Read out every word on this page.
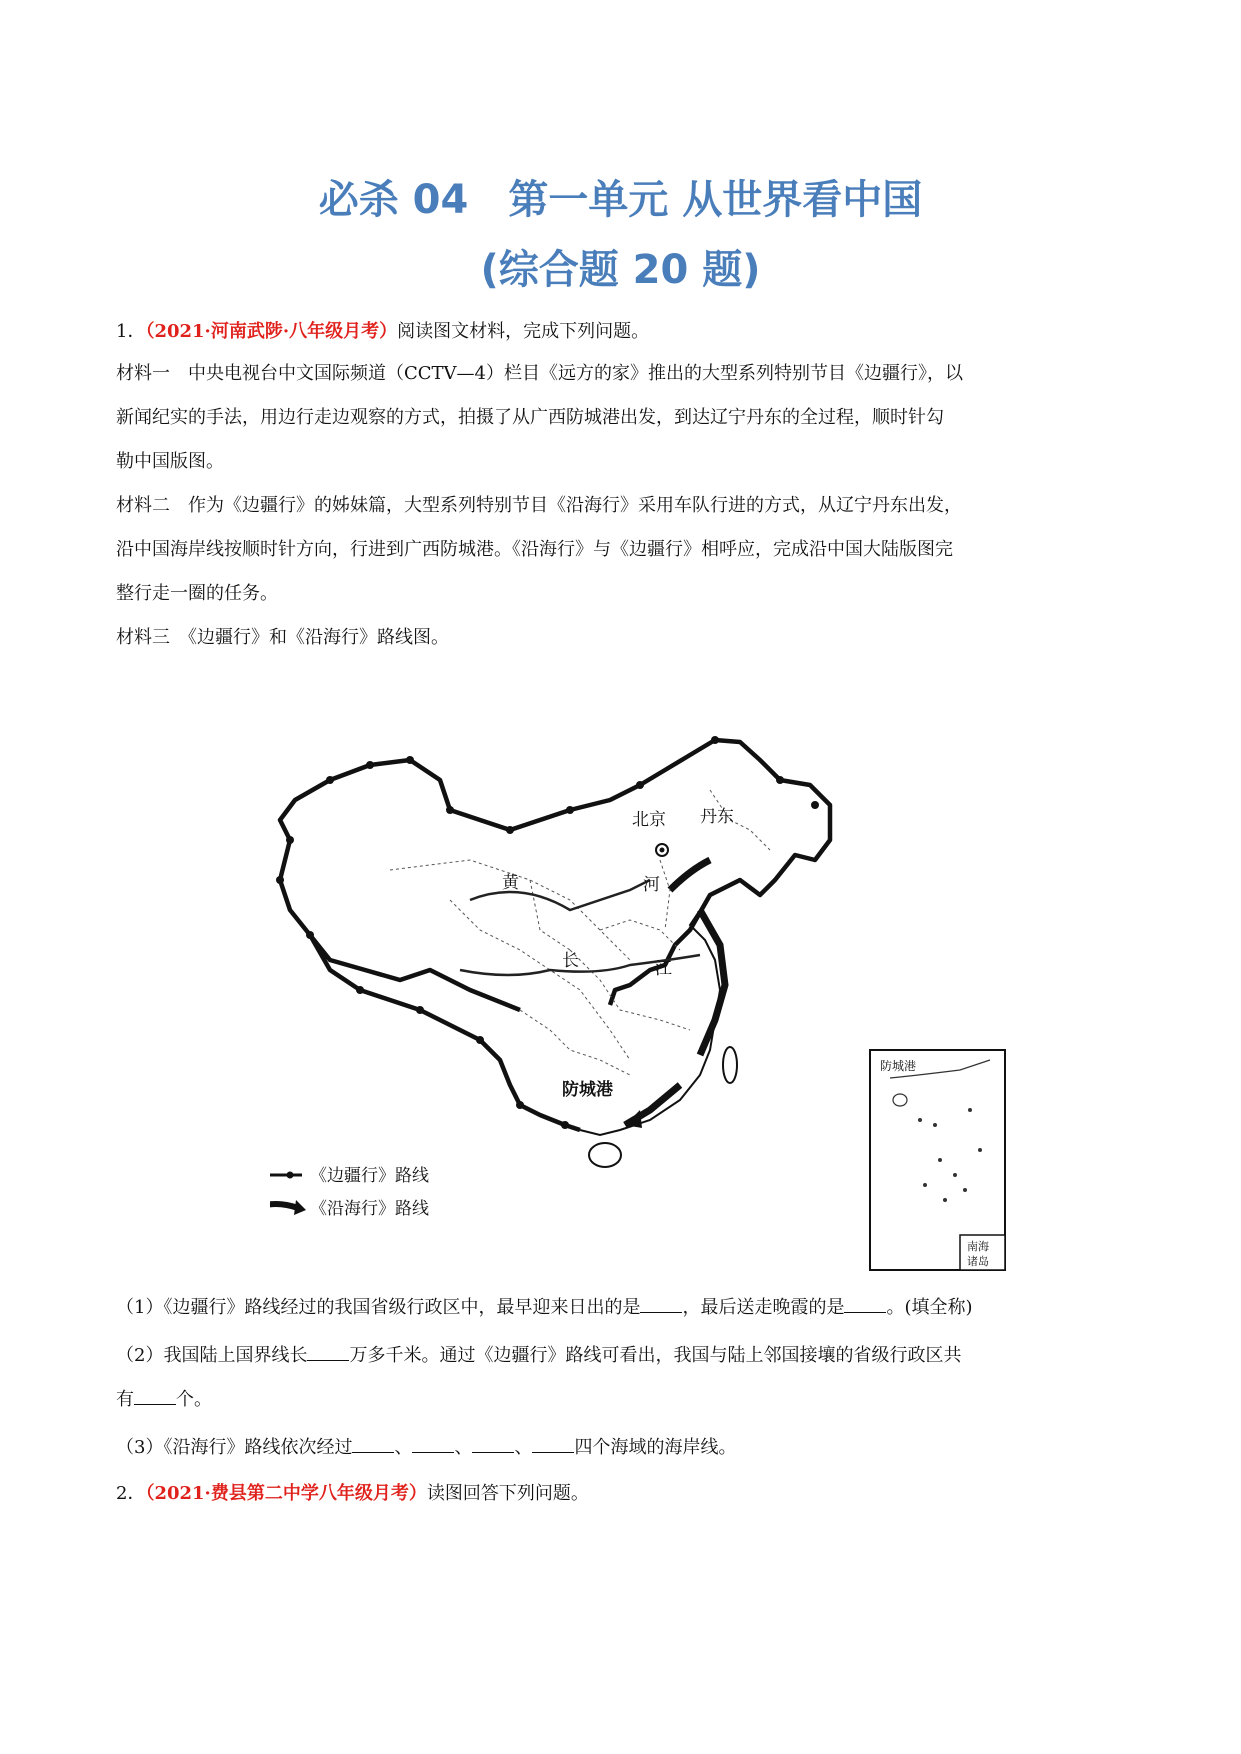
必杀 04　第一单元 从世界看中国
(综合题 20 题)

1．（2021·河南武陟·八年级月考）阅读图文材料，完成下列问题。

材料一　中央电视台中文国际频道（CCTV—4）栏目《远方的家》推出的大型系列特别节目《边疆行》，以

新闻纪实的手法，用边行走边观察的方式，拍摄了从广西防城港出发，到达辽宁丹东的全过程，顺时针勾

勒中国版图。

材料二　作为《边疆行》的姊妹篇，大型系列特别节目《沿海行》采用车队行进的方式，从辽宁丹东出发，

沿中国海岸线按顺时针方向，行进到广西防城港。《沿海行》与《边疆行》相呼应，完成沿中国大陆版图完

整行走一圈的任务。

材料三　《边疆行》和《沿海行》路线图。

北京 丹东
河
黄
长	江
防城港
《边疆行》路线
《沿海行》路线
防城港
南海
诸岛

（1）《边疆行》路线经过的我国省级行政区中，最早迎来日出的是 ，最后送走晚霞的是 。(填全称)

（2）我国陆上国界线长 万多千米。通过《边疆行》路线可看出，我国与陆上邻国接壤的省级行政区共

有 个。

（3）《沿海行》路线依次经过 、 、 、 四个海域的海岸线。

2．（2021·费县第二中学八年级月考）读图回答下列问题。
